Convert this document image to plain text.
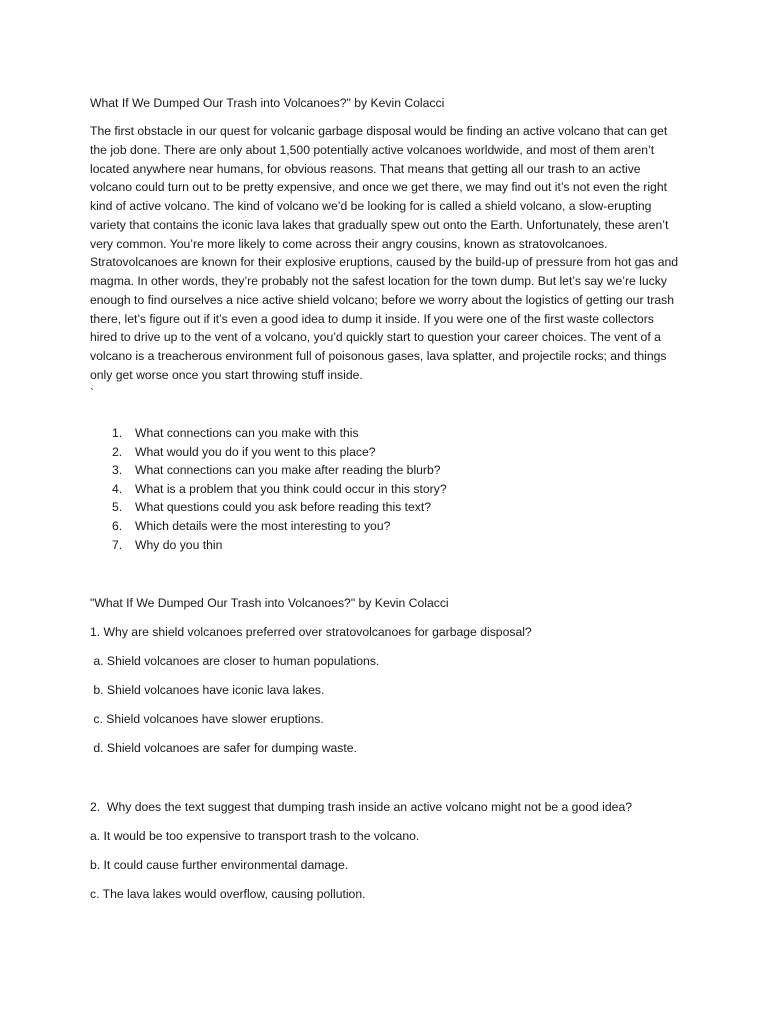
What If We Dumped Our Trash into Volcanoes?" by Kevin Colacci

The first obstacle in our quest for volcanic garbage disposal would be finding an active volcano that can get the job done. There are only about 1,500 potentially active volcanoes worldwide, and most of them aren’t located anywhere near humans, for obvious reasons. That means that getting all our trash to an active volcano could turn out to be pretty expensive, and once we get there, we may find out it’s not even the right kind of active volcano. The kind of volcano we’d be looking for is called a shield volcano, a slow-erupting variety that contains the iconic lava lakes that gradually spew out onto the Earth. Unfortunately, these aren’t very common. You’re more likely to come across their angry cousins, known as stratovolcanoes. Stratovolcanoes are known for their explosive eruptions, caused by the build-up of pressure from hot gas and magma. In other words, they’re probably not the safest location for the town dump. But let’s say we’re lucky enough to find ourselves a nice active shield volcano; before we worry about the logistics of getting our trash there, let’s figure out if it’s even a good idea to dump it inside. If you were one of the first waste collectors hired to drive up to the vent of a volcano, you’d quickly start to question your career choices. The vent of a volcano is a treacherous environment full of poisonous gases, lava splatter, and projectile rocks; and things only get worse once you start throwing stuff inside.

`
1.	What connections can you make with this
2.	What would you do if you went to this place?
3.	What connections can you make after reading the blurb?
4.	What is a problem that you think could occur in this story?
5.	What questions could you ask before reading this text?
6.	Which details were the most interesting to you?
7.	Why do you thin
"What If We Dumped Our Trash into Volcanoes?" by Kevin Colacci
1. Why are shield volcanoes preferred over stratovolcanoes for garbage disposal?
a. Shield volcanoes are closer to human populations.
b. Shield volcanoes have iconic lava lakes.
c. Shield volcanoes have slower eruptions.
d. Shield volcanoes are safer for dumping waste.
2.  Why does the text suggest that dumping trash inside an active volcano might not be a good idea?
a. It would be too expensive to transport trash to the volcano.
b. It could cause further environmental damage.
c. The lava lakes would overflow, causing pollution.
